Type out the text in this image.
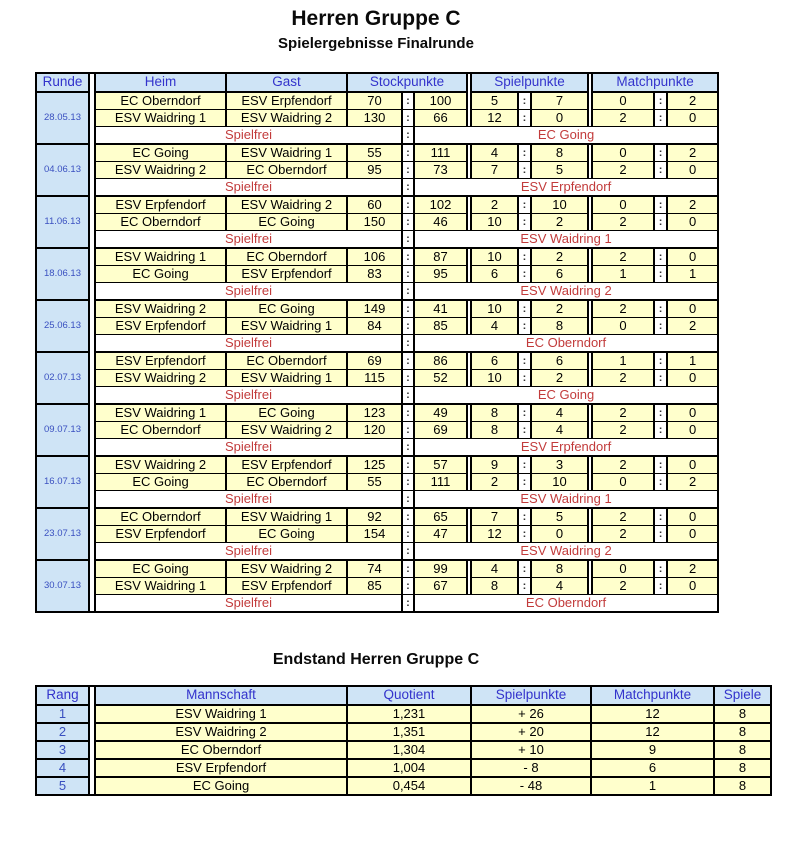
Herren Gruppe C
Spielergebnisse Finalrunde
Runde		Heim	Gast	Stockpunkte				Spielpunkte				Matchpunkte		
28.05.13		EC Oberndorf	ESV Erpfendorf	70	:	100		5	:	7		0	:	2
		ESV Waidring 1	ESV Waidring 2	130	:	66		12	:	0		2	:	0
		Spielfrei			:	EC Going								
04.06.13		EC Going	ESV Waidring 1	55	:	111		4	:	8		0	:	2
		ESV Waidring 2	EC Oberndorf	95	:	73		7	:	5		2	:	0
		Spielfrei			:	ESV Erpfendorf								
11.06.13		ESV Erpfendorf	ESV Waidring 2	60	:	102		2	:	10		0	:	2
		EC Oberndorf	EC Going	150	:	46		10	:	2		2	:	0
		Spielfrei			:	ESV Waidring 1								
18.06.13		ESV Waidring 1	EC Oberndorf	106	:	87		10	:	2		2	:	0
		EC Going	ESV Erpfendorf	83	:	95		6	:	6		1	:	1
		Spielfrei			:	ESV Waidring 2								
25.06.13		ESV Waidring 2	EC Going	149	:	41		10	:	2		2	:	0
		ESV Erpfendorf	ESV Waidring 1	84	:	85		4	:	8		0	:	2
		Spielfrei			:	EC Oberndorf								
02.07.13		ESV Erpfendorf	EC Oberndorf	69	:	86		6	:	6		1	:	1
		ESV Waidring 2	ESV Waidring 1	115	:	52		10	:	2		2	:	0
		Spielfrei			:	EC Going								
09.07.13		ESV Waidring 1	EC Going	123	:	49		8	:	4		2	:	0
		EC Oberndorf	ESV Waidring 2	120	:	69		8	:	4		2	:	0
		Spielfrei			:	ESV Erpfendorf								
16.07.13		ESV Waidring 2	ESV Erpfendorf	125	:	57		9	:	3		2	:	0
		EC Going	EC Oberndorf	55	:	111		2	:	10		0	:	2
		Spielfrei			:	ESV Waidring 1								
23.07.13		EC Oberndorf	ESV Waidring 1	92	:	65		7	:	5		2	:	0
		ESV Erpfendorf	EC Going	154	:	47		12	:	0		2	:	0
		Spielfrei			:	ESV Waidring 2								
30.07.13		EC Going	ESV Waidring 2	74	:	99		4	:	8		0	:	2
		ESV Waidring 1	ESV Erpfendorf	85	:	67		8	:	4		2	:	0
		Spielfrei			:	EC Oberndorf								
Endstand Herren Gruppe C
Rang		Mannschaft	Quotient	Spielpunkte	Matchpunkte	Spiele
1		ESV Waidring 1	1,231	+ 26	12	8
2		ESV Waidring 2	1,351	+ 20	12	8
3		EC Oberndorf	1,304	+ 10	9	8
4		ESV Erpfendorf	1,004	- 8	6	8
5		EC Going	0,454	- 48	1	8
